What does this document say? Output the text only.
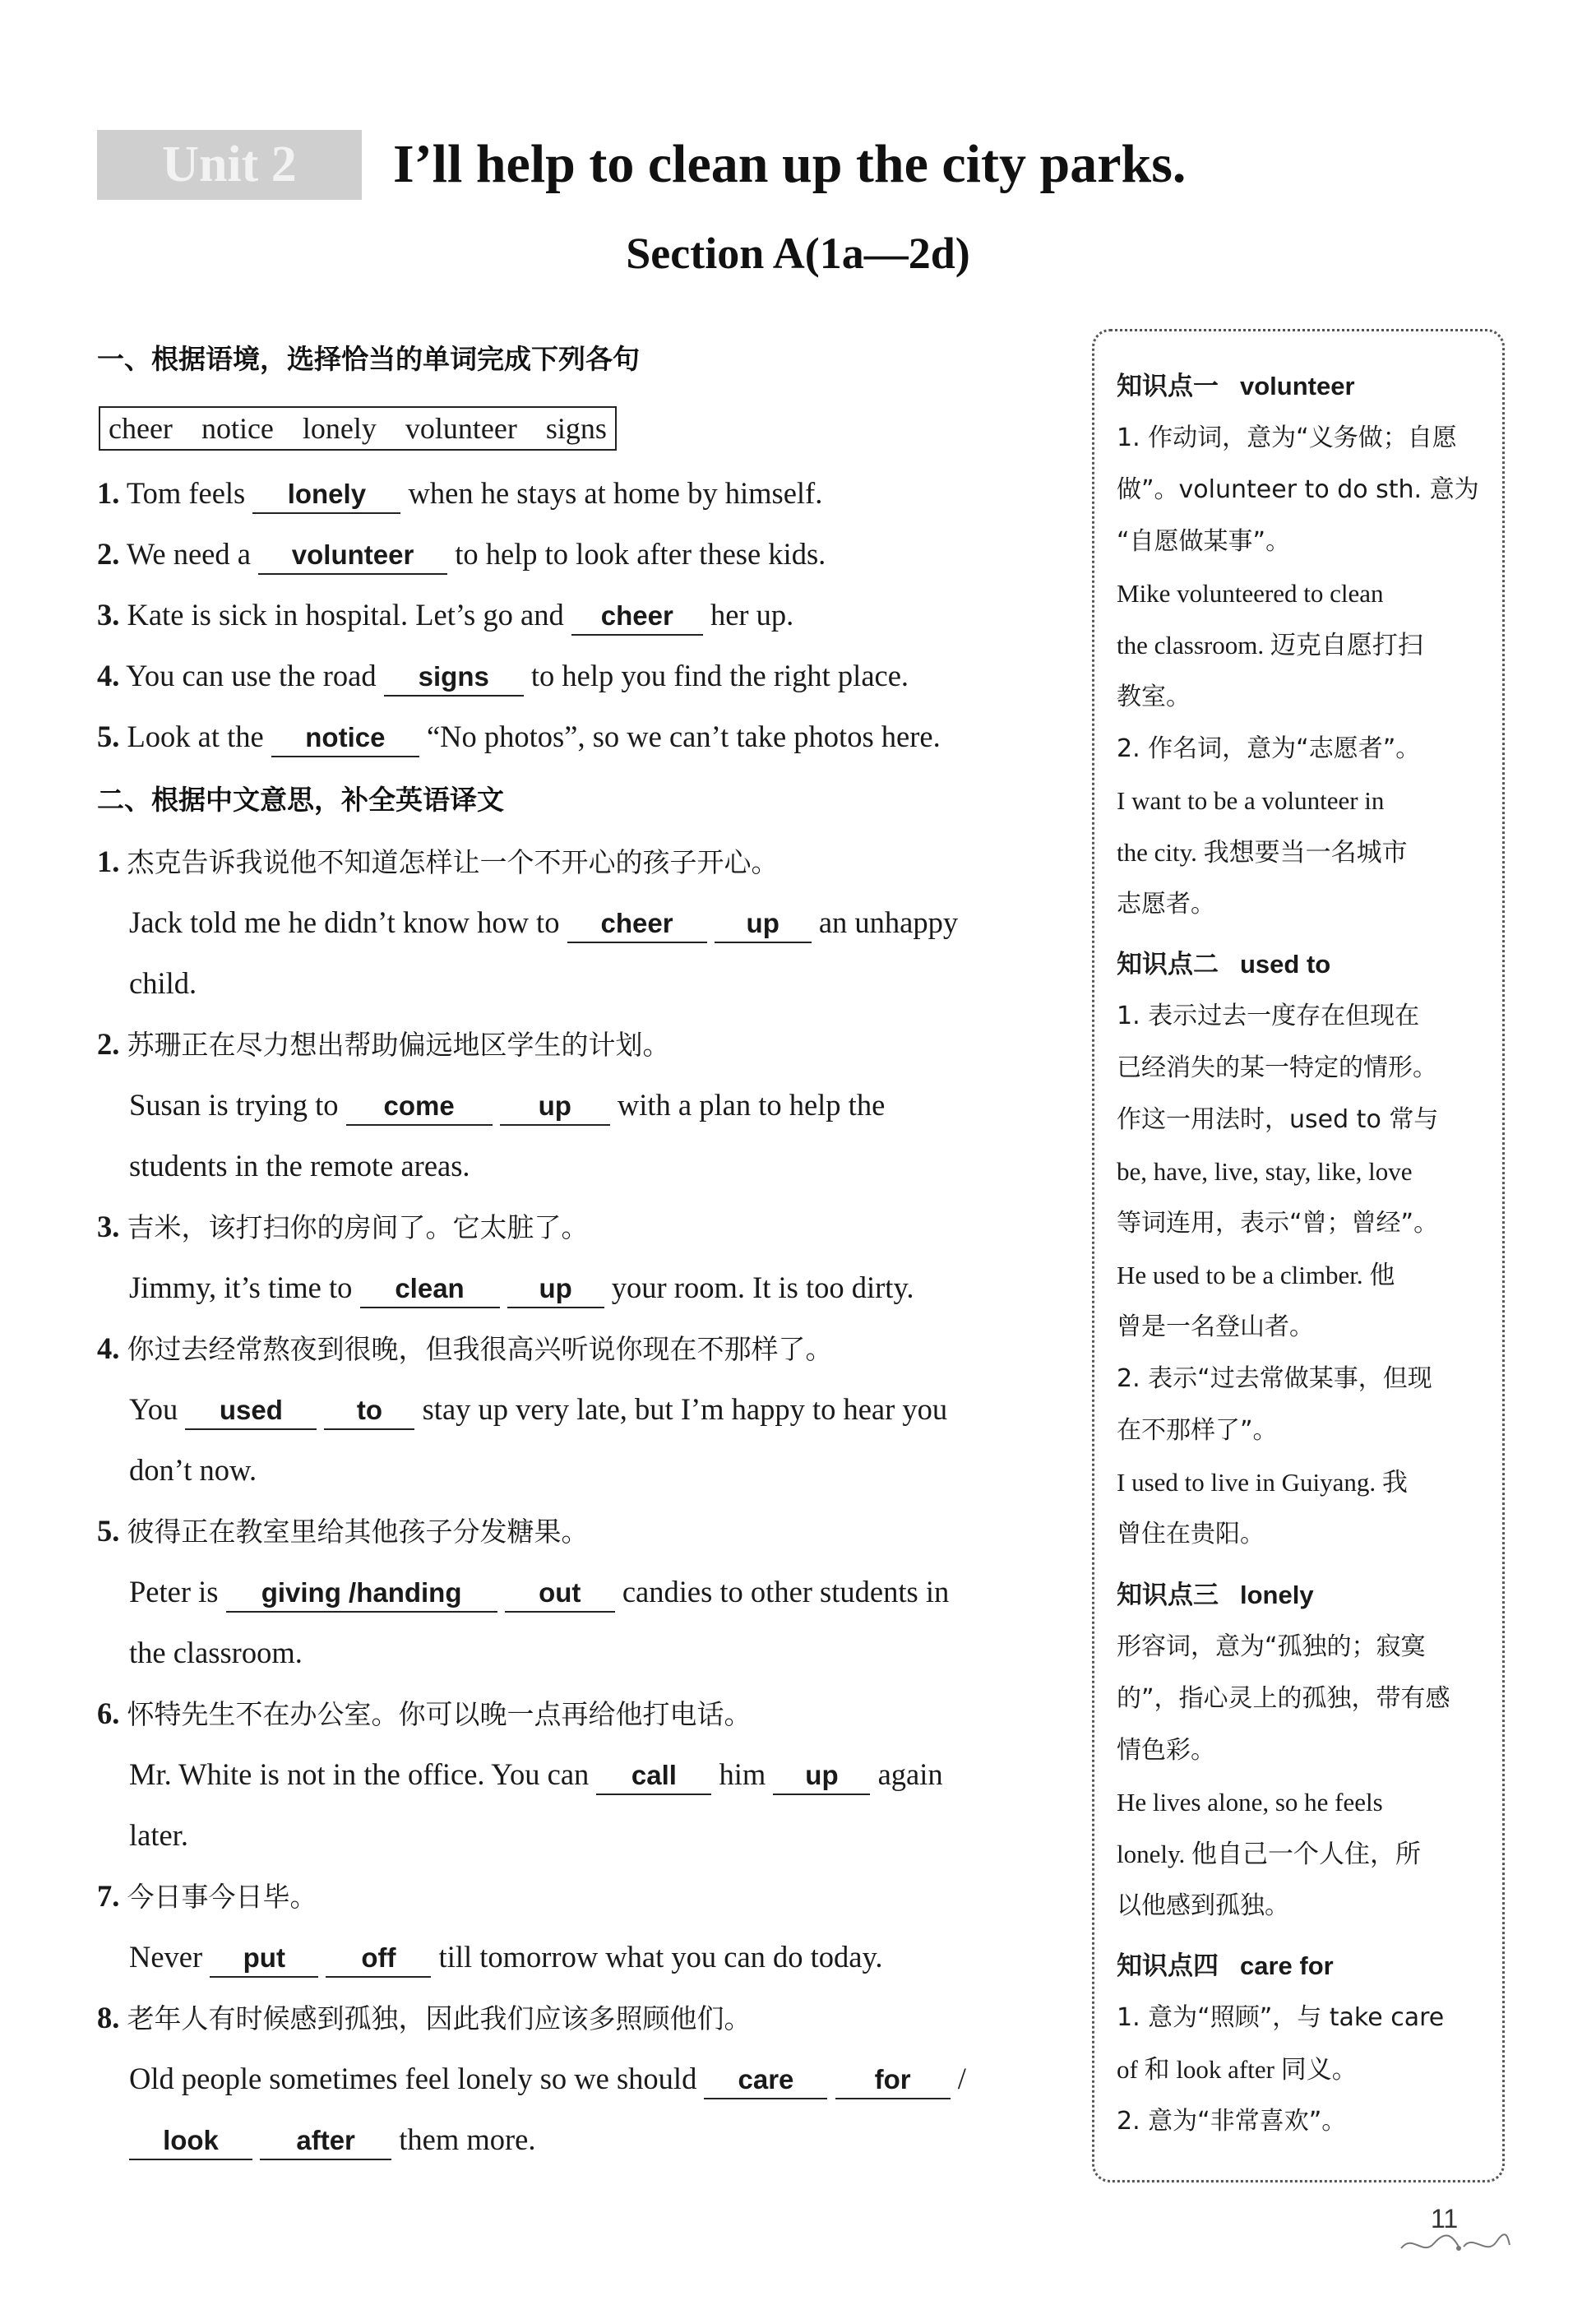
Unit 2	I’ll help to clean up the city parks.
Section A(1a—2d)
一、根据语境，选择恰当的单词完成下列各句
cheer notice lonely volunteer signs
1. Tom feels lonely when he stays at home by himself.
2. We need a volunteer to help to look after these kids.
3. Kate is sick in hospital. Let’s go and cheer her up.
4. You can use the road signs to help you find the right place.
5. Look at the notice “No photos”, so we can’t take photos here.
二、根据中文意思，补全英语译文
1. 杰克告诉我说他不知道怎样让一个不开心的孩子开心。
Jack told me he didn’t know how to cheer	up an unhappy
child.
2. 苏珊正在尽力想出帮助偏远地区学生的计划。
Susan is trying to come	up with a plan to help the
students in the remote areas.
3. 吉米，该打扫你的房间了。它太脏了。
Jimmy, it’s time to clean	up your room. It is too dirty.
4. 你过去经常熬夜到很晚，但我很高兴听说你现在不那样了。
You used	to stay up very late, but I’m happy to hear you
don’t now.
5. 彼得正在教室里给其他孩子分发糖果。
Peter is giving /handing	out candies to other students in
the classroom.
6. 怀特先生不在办公室。你可以晚一点再给他打电话。
Mr. White is not in the office. You can call him up again
later.
7. 今日事今日毕。
Never put	off till tomorrow what you can do today.
8. 老年人有时候感到孤独，因此我们应该多照顾他们。
Old people sometimes feel lonely so we should care	for /
look	after them more.
知识点一 volunteer
1. 作动词，意为“义务做；自愿
做”。volunteer to do sth. 意为
“自愿做某事”。
Mike volunteered to clean
the classroom. 迈克自愿打扫
教室。
2. 作名词，意为“志愿者”。
I want to be a volunteer in
the city. 我想要当一名城市
志愿者。
知识点二 used to
1. 表示过去一度存在但现在
已经消失的某一特定的情形。
作这一用法时，used to 常与
be, have, live, stay, like, love
等词连用，表示“曾；曾经”。
He used to be a climber. 他
曾是一名登山者。
2. 表示“过去常做某事，但现
在不那样了”。
I used to live in Guiyang. 我
曾住在贵阳。
知识点三 lonely
形容词，意为“孤独的；寂寞
的”，指心灵上的孤独，带有感
情色彩。
He lives alone, so he feels
lonely. 他自己一个人住，所
以他感到孤独。
知识点四 care for
1. 意为“照顾”，与 take care
of 和 look after 同义。
2. 意为“非常喜欢”。
11
